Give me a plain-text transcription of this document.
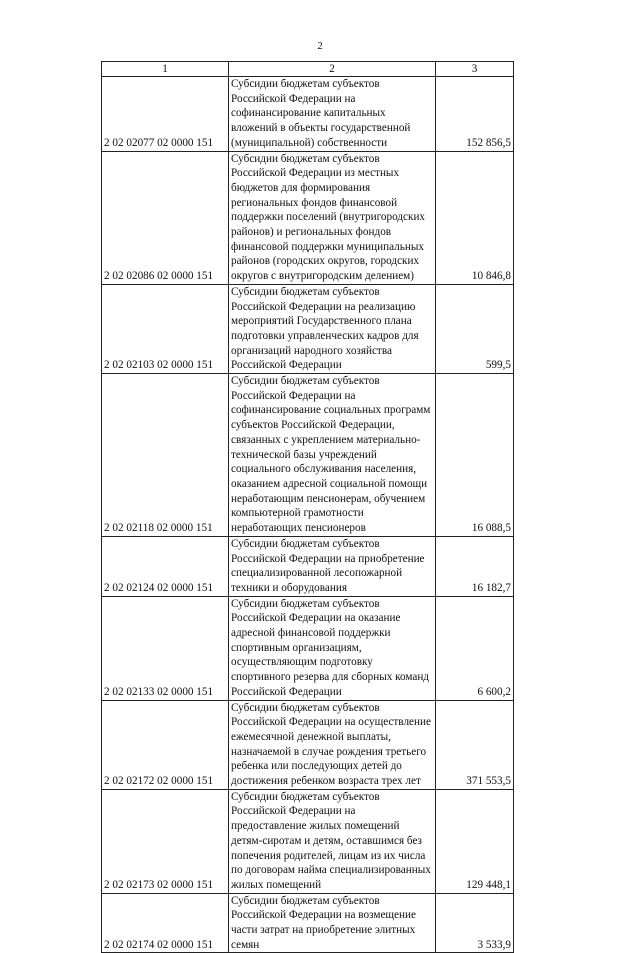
2
1	2	3
2 02 02077 02 0000 151	Субсидии бюджетам субъектов Российской Федерации на софинансирование капитальных вложений в объекты государственной (муниципальной) собственности	152 856,5
2 02 02086 02 0000 151	Субсидии бюджетам субъектов Российской Федерации из местных бюджетов для формирования региональных фондов финансовой поддержки поселений (внутригородских районов) и региональных фондов финансовой поддержки муниципальных районов (городских округов, городских округов с внутригородским делением)	10 846,8
2 02 02103 02 0000 151	Субсидии бюджетам субъектов Российской Федерации на реализацию мероприятий Государственного плана подготовки управленческих кадров для организаций народного хозяйства Российской Федерации	599,5
2 02 02118 02 0000 151	Субсидии бюджетам субъектов Российской Федерации на софинансирование социальных программ субъектов Российской Федерации, связанных с укреплением материально-технической базы учреждений социального обслуживания населения, оказанием адресной социальной помощи неработающим пенсионерам, обучением компьютерной грамотности неработающих пенсионеров	16 088,5
2 02 02124 02 0000 151	Субсидии бюджетам субъектов Российской Федерации на приобретение специализированной лесопожарной техники и оборудования	16 182,7
2 02 02133 02 0000 151	Субсидии бюджетам субъектов Российской Федерации на оказание адресной финансовой поддержки спортивным организациям, осуществляющим подготовку спортивного резерва для сборных команд Российской Федерации	6 600,2
2 02 02172 02 0000 151	Субсидии бюджетам субъектов Российской Федерации на осуществление ежемесячной денежной выплаты, назначаемой в случае рождения третьего ребенка или последующих детей до достижения ребенком возраста трех лет	371 553,5
2 02 02173 02 0000 151	Субсидии бюджетам субъектов Российской Федерации на предоставление жилых помещений детям-сиротам и детям, оставшимся без попечения родителей, лицам из их числа по договорам найма специализированных жилых помещений	129 448,1
2 02 02174 02 0000 151	Субсидии бюджетам субъектов Российской Федерации на возмещение части затрат на приобретение элитных семян	3 533,9
